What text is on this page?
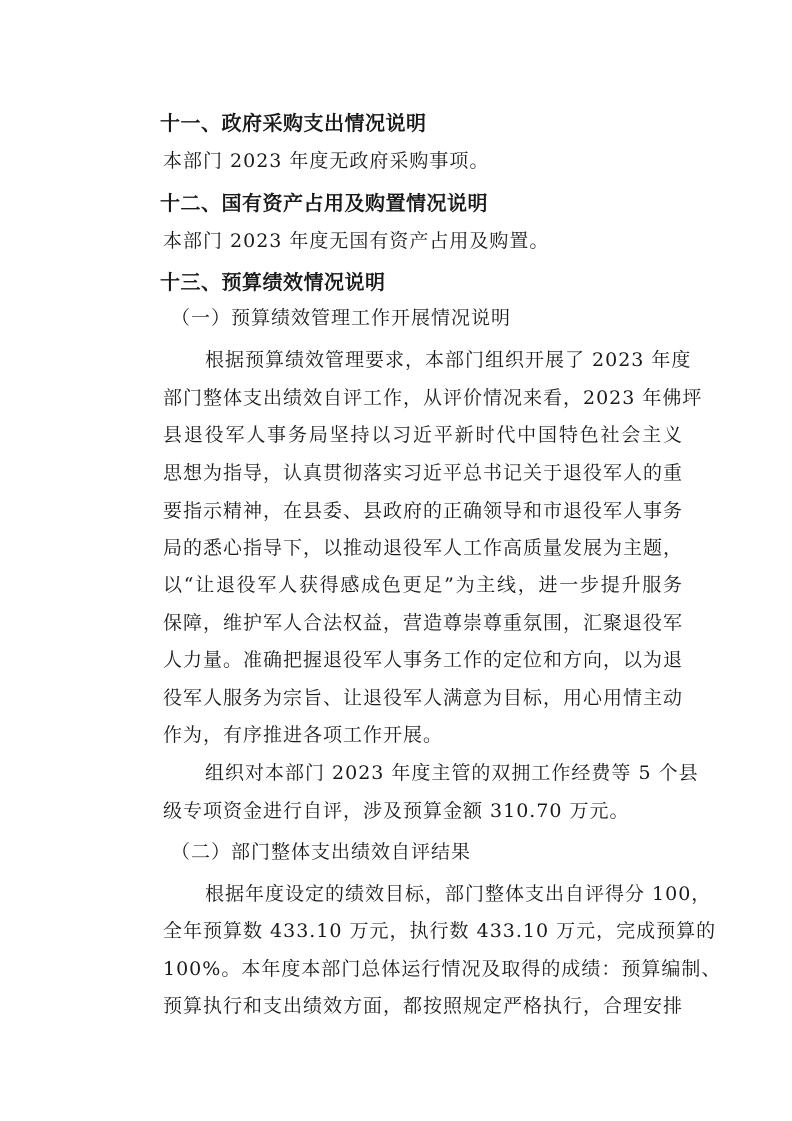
十一、政府采购支出情况说明

本部门 2023 年度无政府采购事项。

十二、国有资产占用及购置情况说明

本部门 2023 年度无国有资产占用及购置。

十三、预算绩效情况说明

（一）预算绩效管理工作开展情况说明

根据预算绩效管理要求，本部门组织开展了 2023 年度

部门整体支出绩效自评工作，从评价情况来看，2023 年佛坪

县退役军人事务局坚持以习近平新时代中国特色社会主义

思想为指导，认真贯彻落实习近平总书记关于退役军人的重

要指示精神，在县委、县政府的正确领导和市退役军人事务

局的悉心指导下，以推动退役军人工作高质量发展为主题，

以“让退役军人获得感成色更足”为主线，进一步提升服务

保障，维护军人合法权益，营造尊崇尊重氛围，汇聚退役军

人力量。准确把握退役军人事务工作的定位和方向，以为退

役军人服务为宗旨、让退役军人满意为目标，用心用情主动

作为，有序推进各项工作开展。

组织对本部门 2023 年度主管的双拥工作经费等 5 个县

级专项资金进行自评，涉及预算金额 310.70 万元。

（二）部门整体支出绩效自评结果

根据年度设定的绩效目标，部门整体支出自评得分 100，

全年预算数 433.10 万元，执行数 433.10 万元，完成预算的

100%。本年度本部门总体运行情况及取得的成绩：预算编制、

预算执行和支出绩效方面，都按照规定严格执行，合理安排
